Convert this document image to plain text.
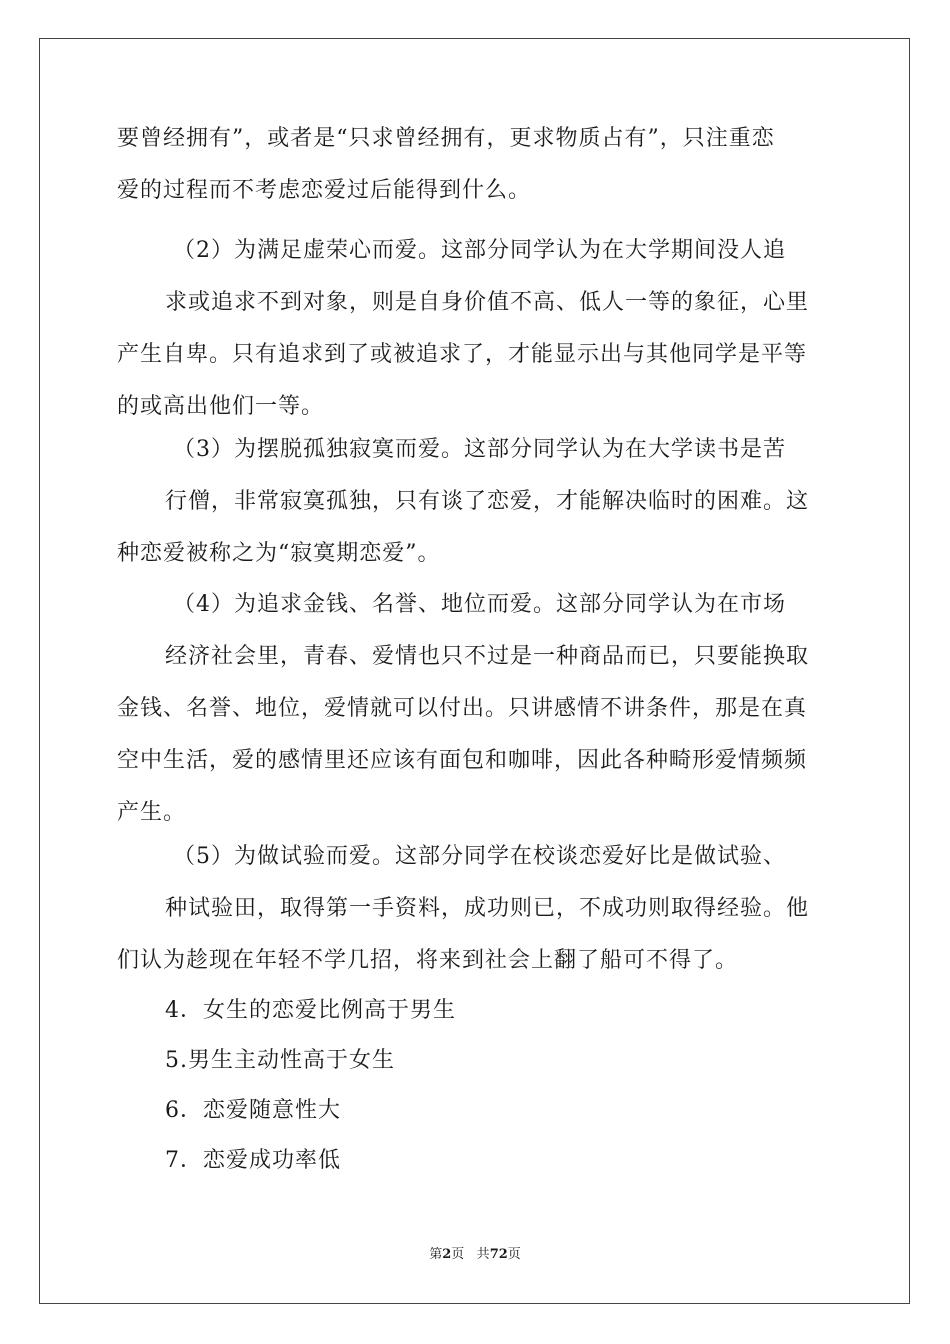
要曾经拥有”，或者是“只求曾经拥有，更求物质占有”，只注重恋
爱的过程而不考虑恋爱过后能得到什么。
（2）为满足虚荣心而爱。这部分同学认为在大学期间没人追
求或追求不到对象，则是自身价值不高、低人一等的象征，心里
产生自卑。只有追求到了或被追求了，才能显示出与其他同学是平等
的或高出他们一等。
（3）为摆脱孤独寂寞而爱。这部分同学认为在大学读书是苦
行僧，非常寂寞孤独，只有谈了恋爱，才能解决临时的困难。这
种恋爱被称之为“寂寞期恋爱”。
（4）为追求金钱、名誉、地位而爱。这部分同学认为在市场
经济社会里，青春、爱情也只不过是一种商品而已，只要能换取
金钱、名誉、地位，爱情就可以付出。只讲感情不讲条件，那是在真
空中生活，爱的感情里还应该有面包和咖啡，因此各种畸形爱情频频
产生。
（5）为做试验而爱。这部分同学在校谈恋爱好比是做试验、
种试验田，取得第一手资料，成功则已，不成功则取得经验。他
们认为趁现在年轻不学几招，将来到社会上翻了船可不得了。
4．女生的恋爱比例高于男生
5.男生主动性高于女生
6．恋爱随意性大
7．恋爱成功率低
第2页 共72页
